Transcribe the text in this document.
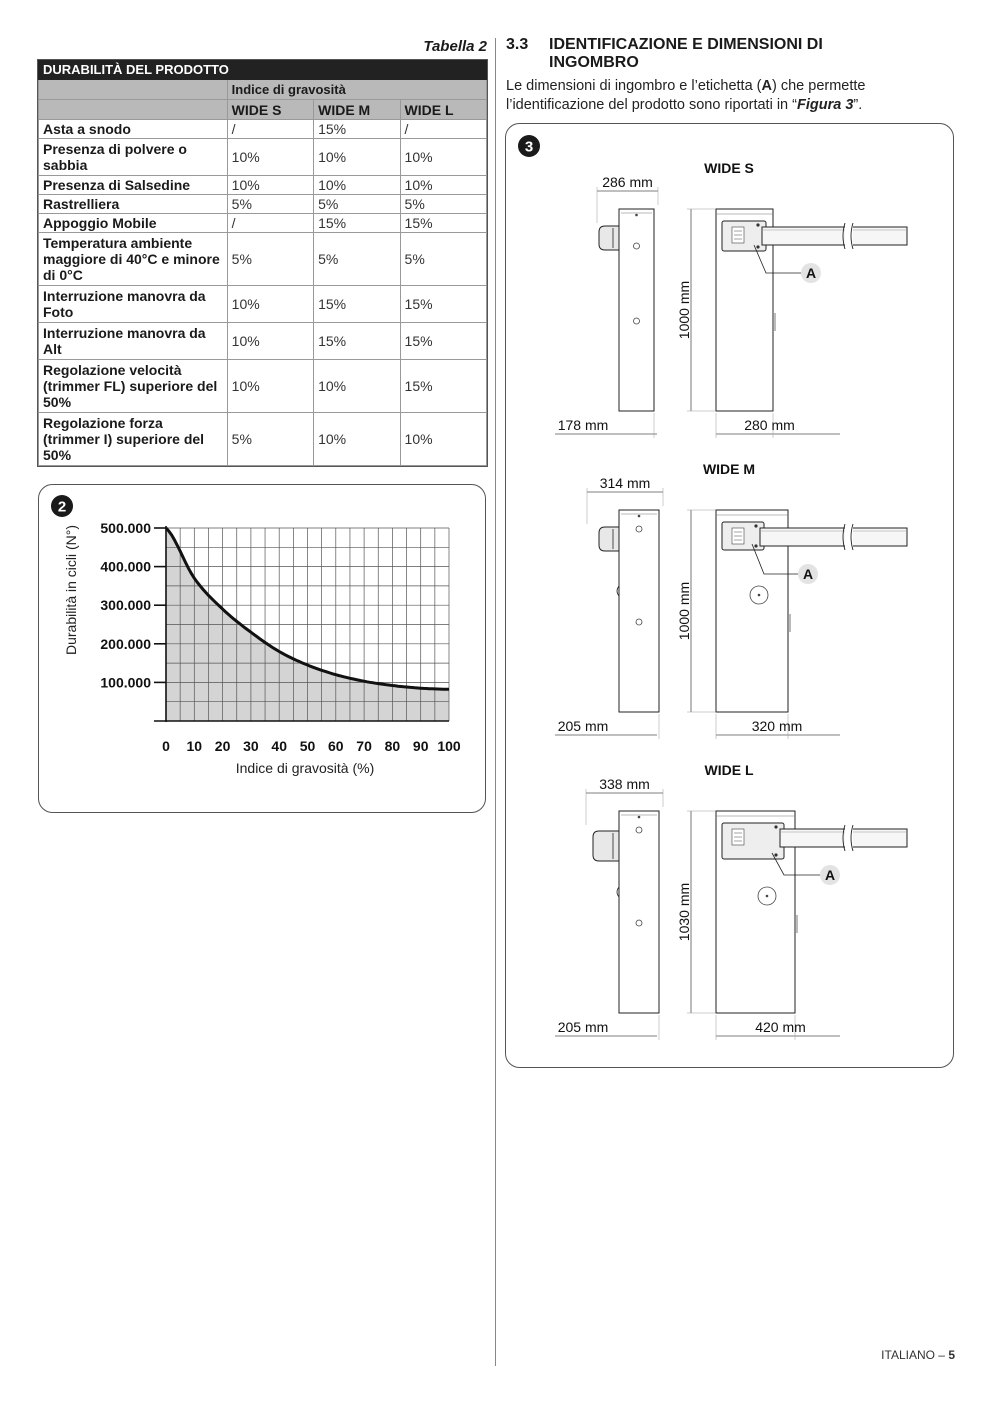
Tabella 2
DURABILITÀ DEL PRODOTTO			
	Indice di gravosità		
	WIDE S	WIDE M	WIDE L
Asta a snodo	/	15%	/
Presenza di polvere o sabbia	10%	10%	10%
Presenza di Salsedine	10%	10%	10%
Rastrelliera	5%	5%	5%
Appoggio Mobile	/	15%	15%
Temperatura ambiente maggiore di 40°C e minore di 0°C	5%	5%	5%
Interruzione manovra da Foto	10%	15%	15%
Interruzione manovra da Alt	10%	15%	15%
Regolazione velocità (trimmer FL) superiore del 50%	10%	10%	15%
Regolazione forza (trimmer I) superiore del 50%	5%	10%	10%
2
500.000
400.000
300.000
200.000
100.000
0 10 20 30 40 50 60 70 80 90 100
Durabilità in cicli (N°)
Indice di gravosità (%)
3.3 IDENTIFICAZIONE E DIMENSIONI DI INGOMBRO
Le dimensioni di ingombro e l’etichetta (A) che permette l’identificazione del prodotto sono riportati in “Figura 3”.
3
WIDE S
286 mm
178 mm
1000 mm
280 mm
A
WIDE M
314 mm
205 mm
1000 mm
320 mm
A
WIDE L
338 mm
205 mm
1030 mm
420 mm
A
ITALIANO – 5
